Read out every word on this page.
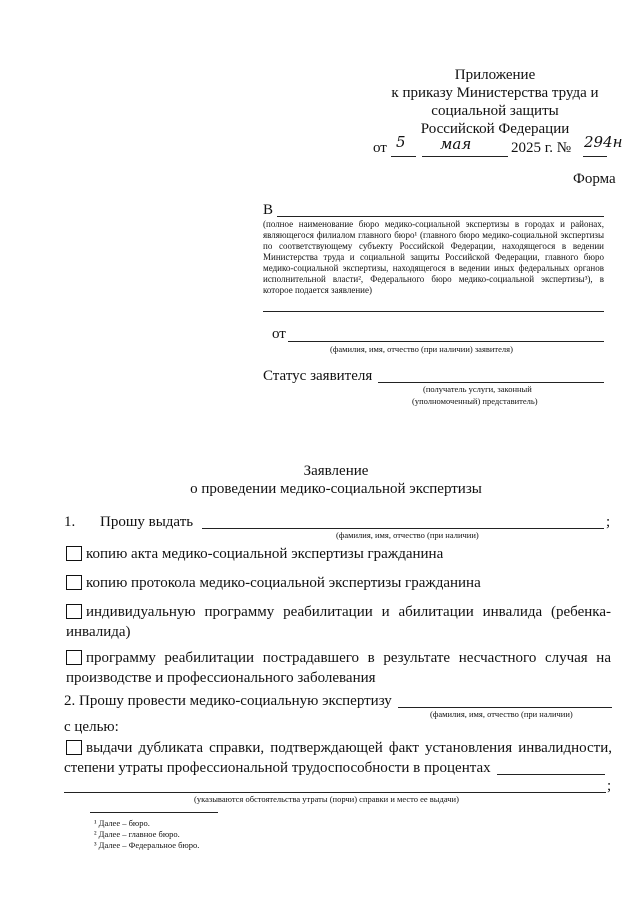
Приложение
к приказу Министерства труда и
социальной защиты
Российской Федерации
от 5 мая	2025 г. № 294н
Форма
В
(полное наименование бюро медико-социальной экспертизы в городах и районах, являющегося филиалом главного бюро¹ (главного бюро медико-социальной экспертизы по соответствующему субъекту Российской Федерации, находящегося в ведении Министерства труда и социальной защиты Российской Федерации, главного бюро медико-социальной экспертизы, находящегося в ведении иных федеральных органов исполнительной власти², Федерального бюро медико-социальной экспертизы³), в которое подается заявление)
от
(фамилия, имя, отчество (при наличии) заявителя)
Статус заявителя
(получатель услуги, законный
(уполномоченный) представитель)
Заявление
о проведении медико-социальной экспертизы
1. Прошу выдать	;
(фамилия, имя, отчество (при наличии)
копию акта медико-социальной экспертизы гражданина
копию протокола медико-социальной экспертизы гражданина
индивидуальную программу реабилитации и абилитации инвалида (ребенка-инвалида)
программу реабилитации пострадавшего в результате несчастного случая на производстве и профессионального заболевания
2. Прошу провести медико-социальную экспертизу
(фамилия, имя, отчество (при наличии)
с целью:
выдачи дубликата справки, подтверждающей факт установления инвалидности, степени утраты профессиональной трудоспособности в процентах
;
(указываются обстоятельства утраты (порчи) справки и место ее выдачи)
¹ Далее – бюро.
² Далее – главное бюро.
³ Далее – Федеральное бюро.
